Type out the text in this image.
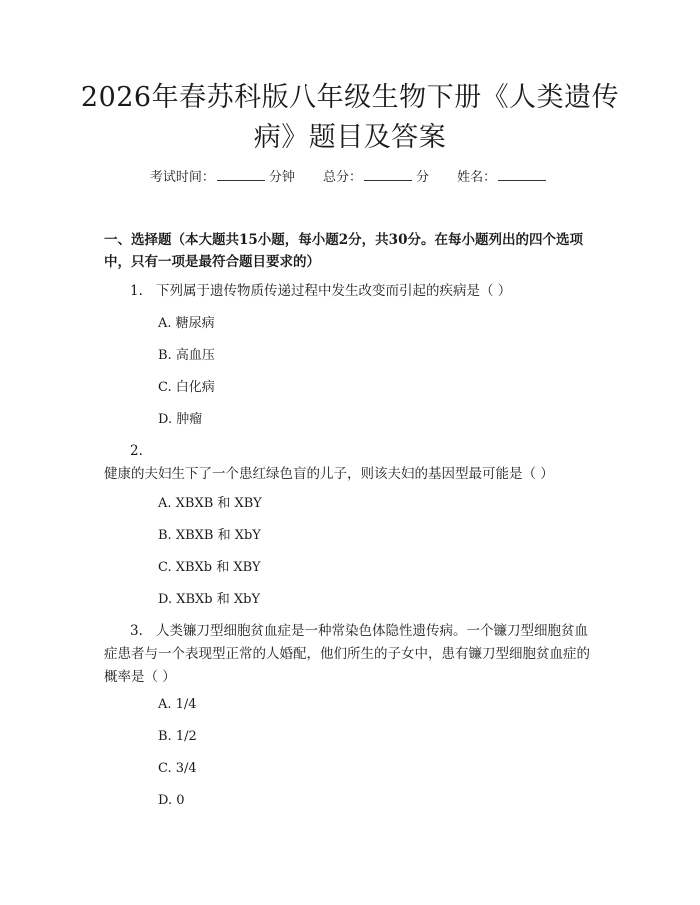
2026年春苏科版八年级生物下册《人类遗传病》题目及答案
考试时间：	分钟 总分：	分 姓名：
一、选择题（本大题共15小题，每小题2分，共30分。在每小题列出的四个选项中，只有一项是最符合题目要求的）
1. 下列属于遗传物质传递过程中发生改变而引起的疾病是（ ）
A. 糖尿病
B. 高血压
C. 白化病
D. 肿瘤
2.健康的夫妇生下了一个患红绿色盲的儿子，则该夫妇的基因型最可能是（ ）
A. XBXB 和 XBY
B. XBXB 和 XbY
C. XBXb 和 XBY
D. XBXb 和 XbY
3. 人类镰刀型细胞贫血症是一种常染色体隐性遗传病。一个镰刀型细胞贫血症患者与一个表现型正常的人婚配，他们所生的子女中，患有镰刀型细胞贫血症的概率是（ ）
A. 1/4
B. 1/2
C. 3/4
D. 0
